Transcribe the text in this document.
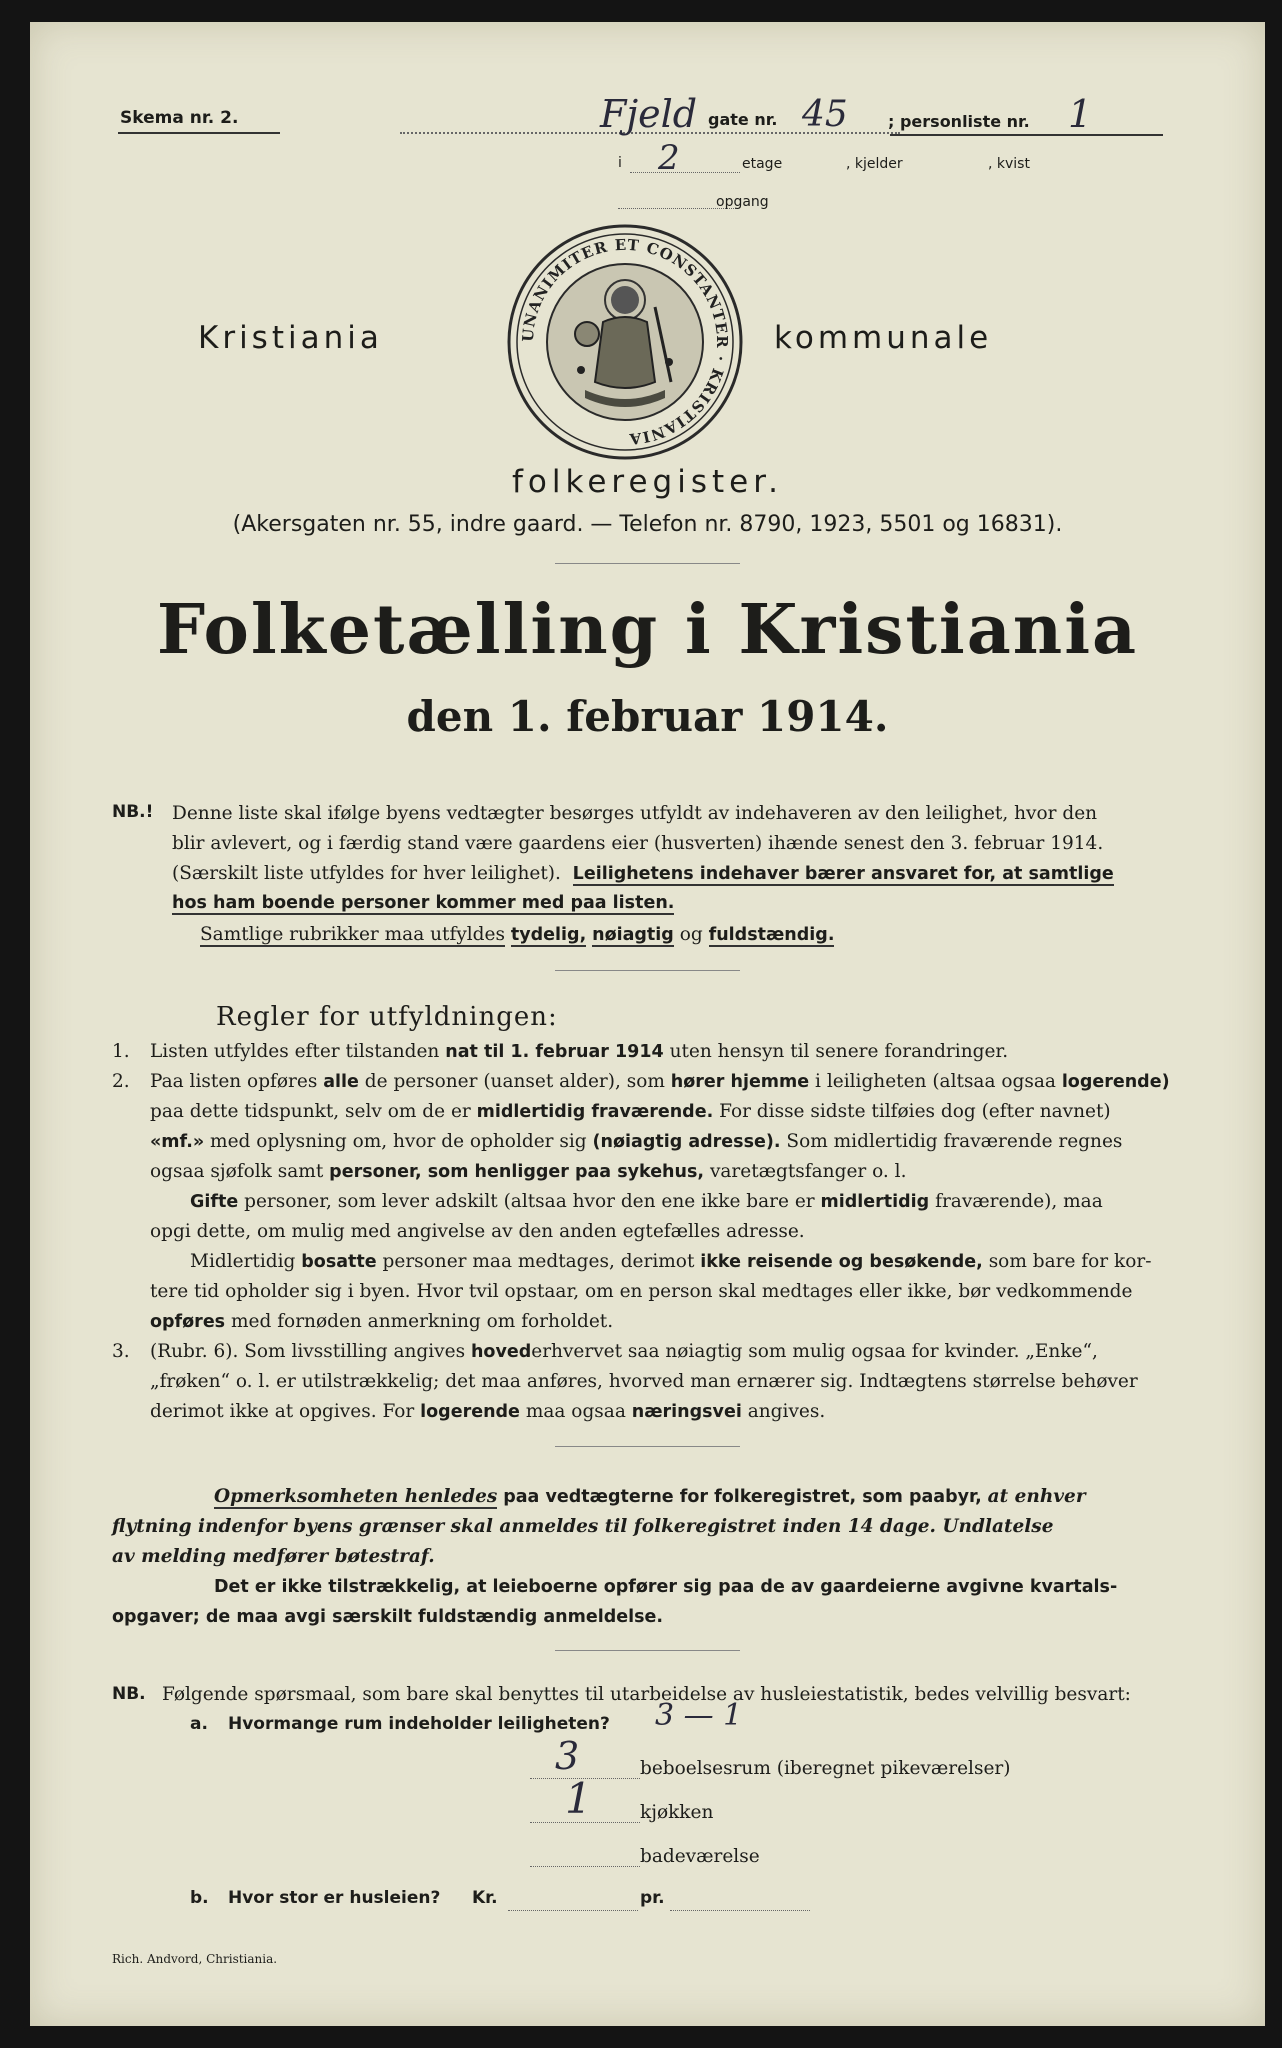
Skema nr. 2.	Fjeld gate nr. 45	; personliste nr. 1
i 2	etage	, kjelder	, kvist
opgang
UNANIMITER ET CONSTANTER · KRISTIANIA
Kristiania	kommunale
folkeregister.
(Akersgaten nr. 55, indre gaard. — Telefon nr. 8790, 1923, 5501 og 16831).
Folketælling i Kristiania
den 1. februar 1914.
NB.! Denne liste skal ifølge byens vedtægter besørges utfyldt av indehaveren av den leilighet, hvor den
blir avlevert, og i færdig stand være gaardens eier (husverten) ihænde senest den 3. februar 1914.
(Særskilt liste utfyldes for hver leilighet). Leilighetens indehaver bærer ansvaret for, at samtlige
hos ham boende personer kommer med paa listen.
Samtlige rubrikker maa utfyldes tydelig, nøiagtig og fuldstændig.
Regler for utfyldningen:
1. Listen utfyldes efter tilstanden nat til 1. februar 1914 uten hensyn til senere forandringer.
2. Paa listen opføres alle de personer (uanset alder), som hører hjemme i leiligheten (altsaa ogsaa logerende)
paa dette tidspunkt, selv om de er midlertidig fraværende. For disse sidste tilføies dog (efter navnet)
«mf.» med oplysning om, hvor de opholder sig (nøiagtig adresse). Som midlertidig fraværende regnes
ogsaa sjøfolk samt personer, som henligger paa sykehus, varetægtsfanger o. l.
Gifte personer, som lever adskilt (altsaa hvor den ene ikke bare er midlertidig fraværende), maa
opgi dette, om mulig med angivelse av den anden egtefælles adresse.
Midlertidig bosatte personer maa medtages, derimot ikke reisende og besøkende, som bare for kor-
tere tid opholder sig i byen. Hvor tvil opstaar, om en person skal medtages eller ikke, bør vedkommende
opføres med fornøden anmerkning om forholdet.
3. (Rubr. 6). Som livsstilling angives hovederhvervet saa nøiagtig som mulig ogsaa for kvinder. „Enke“,
„frøken“ o. l. er utilstrækkelig; det maa anføres, hvorved man ernærer sig. Indtægtens størrelse behøver
derimot ikke at opgives. For logerende maa ogsaa næringsvei angives.
Opmerksomheten henledes paa vedtægterne for folkeregistret, som paabyr, at enhver
flytning indenfor byens grænser skal anmeldes til folkeregistret inden 14 dage. Undlatelse
av melding medfører bøtestraf.
Det er ikke tilstrækkelig, at leieboerne opfører sig paa de av gaardeierne avgivne kvartals-
opgaver; de maa avgi særskilt fuldstændig anmeldelse.
NB. Følgende spørsmaal, som bare skal benyttes til utarbeidelse av husleiestatistik, bedes velvillig besvart:
a. Hvormange rum indeholder leiligheten? 3 — 1
3	beboelsesrum (iberegnet pikeværelser)
1	kjøkken
badeværelse
b. Hvor stor er husleien? Kr.	pr.
Rich. Andvord, Christiania.
